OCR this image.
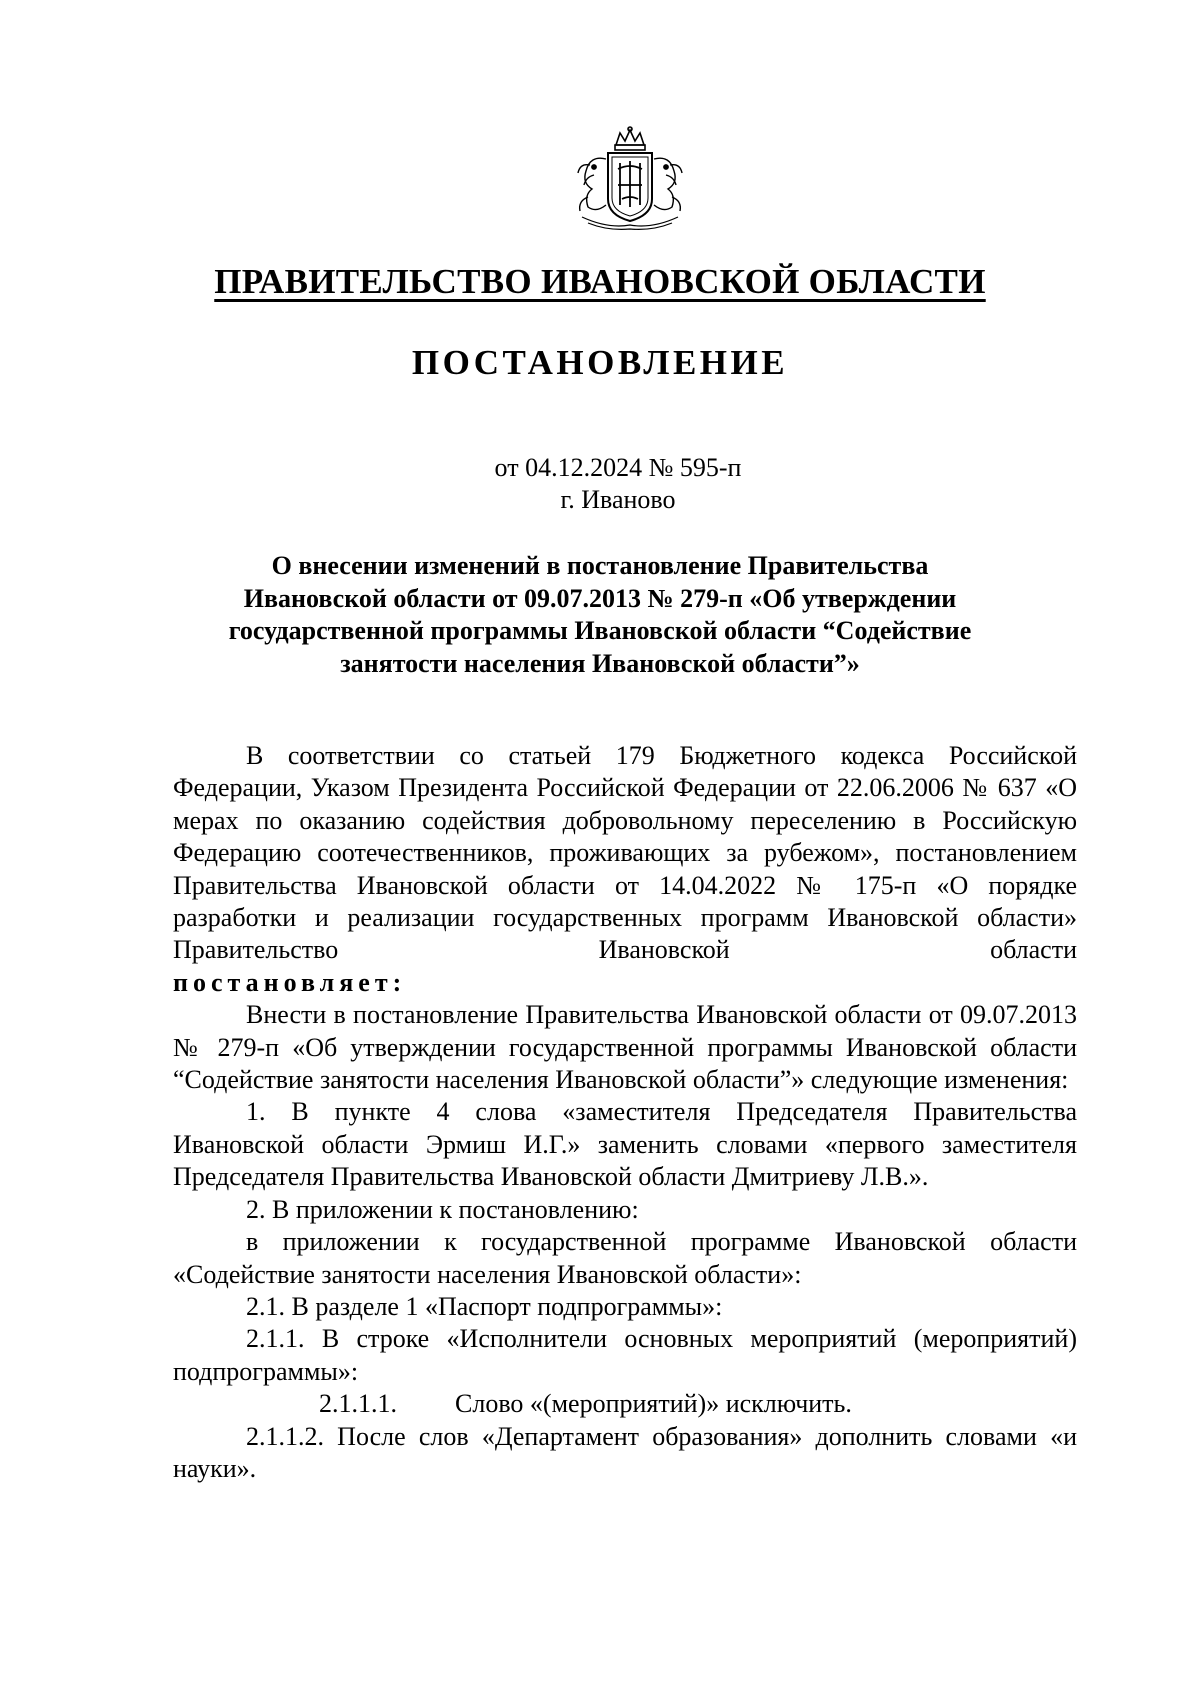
ПРАВИТЕЛЬСТВО ИВАНОВСКОЙ ОБЛАСТИ
ПОСТАНОВЛЕНИЕ
от 04.12.2024 № 595-п
г. Иваново
О внесении изменений в постановление Правительства
Ивановской области от 09.07.2013 № 279-п «Об утверждении
государственной программы Ивановской области “Содействие
занятости населения Ивановской области”»

В соответствии со статьей 179 Бюджетного кодекса Российской Федерации, Указом Президента Российской Федерации от 22.06.2006 № 637 «О мерах по оказанию содействия добровольному переселению в Российскую Федерацию соотечественников, проживающих за рубежом», постановлением Правительства Ивановской области от 14.04.2022 № 175-п «О порядке разработки и реализации государственных программ Ивановской области» Правительство Ивановской области

постановляет:

Внести в постановление Правительства Ивановской области от 09.07.2013 № 279-п «Об утверждении государственной программы Ивановской области “Содействие занятости населения Ивановской области”» следующие изменения:

1. В пункте 4 слова «заместителя Председателя Правительства Ивановской области Эрмиш И.Г.» заменить словами «первого заместителя Председателя Правительства Ивановской области Дмитриеву Л.В.».

2. В приложении к постановлению:

в приложении к государственной программе Ивановской области «Содействие занятости населения Ивановской области»:

2.1. В разделе 1 «Паспорт подпрограммы»:

2.1.1. В строке «Исполнители основных мероприятий (мероприятий) подпрограммы»:

2.1.1.1. Слово «(мероприятий)» исключить.

2.1.1.2. После слов «Департамент образования» дополнить словами «и науки».
